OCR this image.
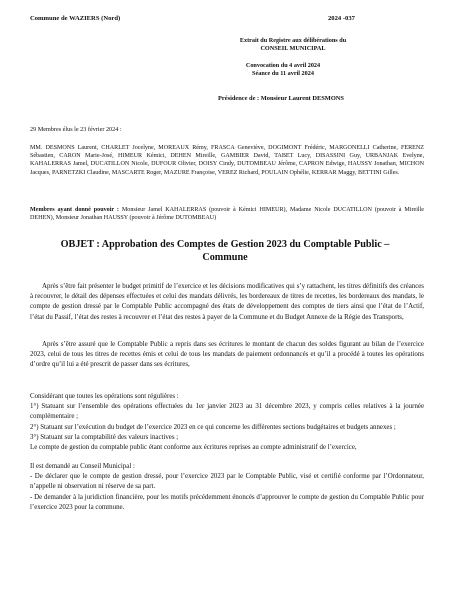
Commune de WAZIERS (Nord)	2024 -037
Extrait du Registre aux délibérations du
CONSEIL MUNICIPAL
Convocation du 4 avril 2024
Séance du 11 avril 2024
Présidence de : Monsieur Laurent DESMONS
29 Membres élus le 23 février 2024 :
MM. DESMONS Laurent, CHARLET Jocelyne, MOREAUX Rémy, FRASCA Geneviève, DOGIMONT Frédéric, MARGONELLI Catherine, FERENZ Sébastien, CARON Marie-José, HIMEUR Kémici, DEHEN Mireille, GAMBIER David, TABET Lucy, DISASSINI Guy, URBANJAK Evelyne, KAHALERRAS Jamel, DUCATILLON Nicole, DUFOUR Olivier, DOISY Cindy, DUTOMBEAU Jérôme, CAPRON Edwige, HAUSSY Jonathan, MICHON Jacques, PARNETZKI Claudine, MASCARTE Roger, MAZURE Françoise, VEREZ Richard, POULAIN Ophélie, KERRAR Maggy, BETTINI Gilles.
Membres ayant donné pouvoir : Monsieur Jamel KAHALERRAS (pouvoir à Kémici HIMEUR), Madame Nicole DUCATILLON (pouvoir à Mireille DEHEN), Monsieur Jonathan HAUSSY (pouvoir à Jérôme DUTOMBEAU)
OBJET : Approbation des Comptes de Gestion 2023 du Comptable Public –
Commune

Après s’être fait présenter le budget primitif de l’exercice et les décisions modificatives qui s’y rattachent, les titres définitifs des créances à recouvrer, le détail des dépenses effectuées et celui des mandats délivrés, les bordereaux de titres de recettes, les bordereaux des mandats, le compte de gestion dressé par le Comptable Public accompagné des états de développement des comptes de tiers ainsi que l’état de l’Actif, l’état du Passif, l’état des restes à recouvrer et l’état des restes à payer de la Commune et du Budget Annexe de la Régie des Transports,

Après s’être assuré que le Comptable Public a repris dans ses écritures le montant de chacun des soldes figurant au bilan de l’exercice 2023, celui de tous les titres de recettes émis et celui de tous les mandats de paiement ordonnancés et qu’il a procédé à toutes les opérations d’ordre qu’il lui a été prescrit de passer dans ses écritures,

Considérant que toutes les opérations sont régulières :
1°) Statuant sur l’ensemble des opérations effectuées du 1er janvier 2023 au 31 décembre 2023, y compris celles relatives à la journée complémentaire ;
2°) Statuant sur l’exécution du budget de l’exercice 2023 en ce qui concerne les différentes sections budgétaires et budgets annexes ;
3°) Statuant sur la comptabilité des valeurs inactives ;
Le compte de gestion du comptable public étant conforme aux écritures reprises au compte administratif de l’exercice,
Il est demandé au Conseil Municipal :
- De déclarer que le compte de gestion dressé, pour l’exercice 2023 par le Comptable Public, visé et certifié conforme par l’Ordonnateur, n’appelle ni observation ni réserve de sa part.
- De demander à la juridiction financière, pour les motifs précédemment énoncés d’approuver le compte de gestion du Comptable Public pour l’exercice 2023 pour la commune.
